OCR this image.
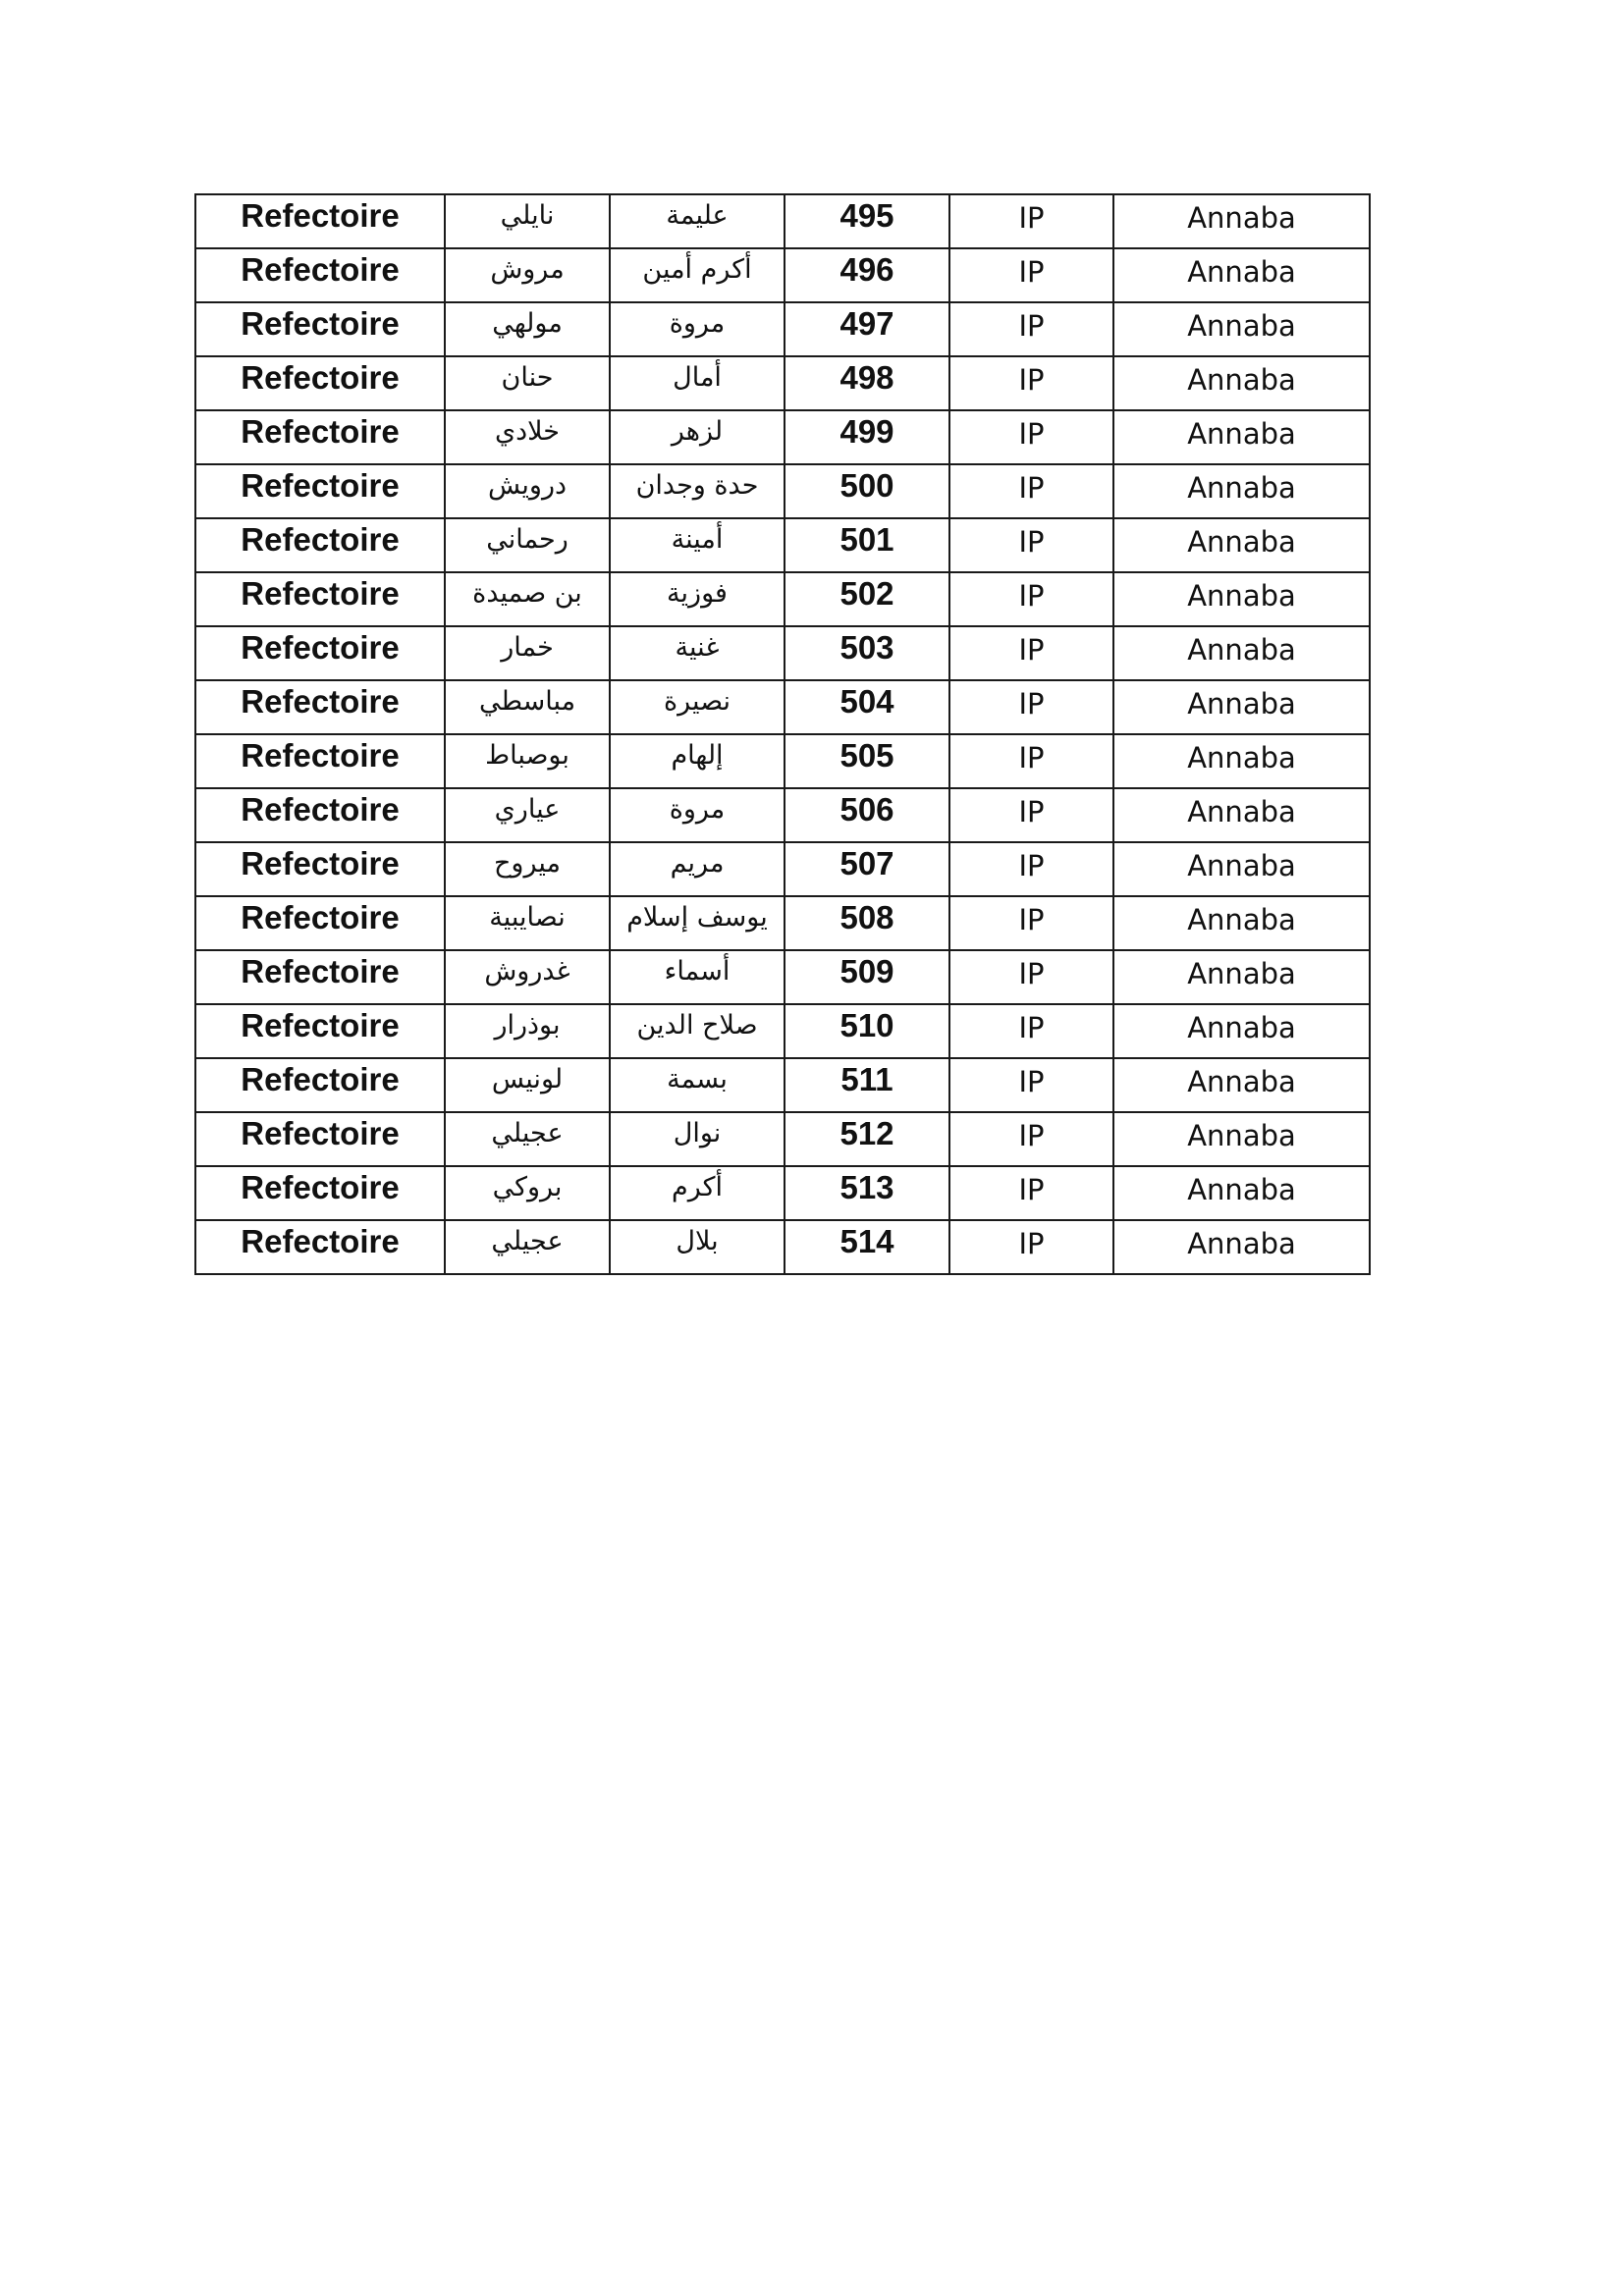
Refectoire	نايلي	عليمة	495	IP	Annaba
Refectoire	مروش	أكرم أمين	496	IP	Annaba
Refectoire	مولهي	مروة	497	IP	Annaba
Refectoire	حنان	أمال	498	IP	Annaba
Refectoire	خلادي	لزهر	499	IP	Annaba
Refectoire	درويش	حدة وجدان	500	IP	Annaba
Refectoire	رحماني	أمينة	501	IP	Annaba
Refectoire	بن صميدة	فوزية	502	IP	Annaba
Refectoire	خمار	غنية	503	IP	Annaba
Refectoire	مباسطي	نصيرة	504	IP	Annaba
Refectoire	بوصباط	إلهام	505	IP	Annaba
Refectoire	عياري	مروة	506	IP	Annaba
Refectoire	ميروح	مريم	507	IP	Annaba
Refectoire	نصايبية	يوسف إسلام	508	IP	Annaba
Refectoire	غدروش	أسماء	509	IP	Annaba
Refectoire	بوذرار	صلاح الدين	510	IP	Annaba
Refectoire	لونيس	بسمة	511	IP	Annaba
Refectoire	عجيلي	نوال	512	IP	Annaba
Refectoire	بروكي	أكرم	513	IP	Annaba
Refectoire	عجيلي	بلال	514	IP	Annaba
